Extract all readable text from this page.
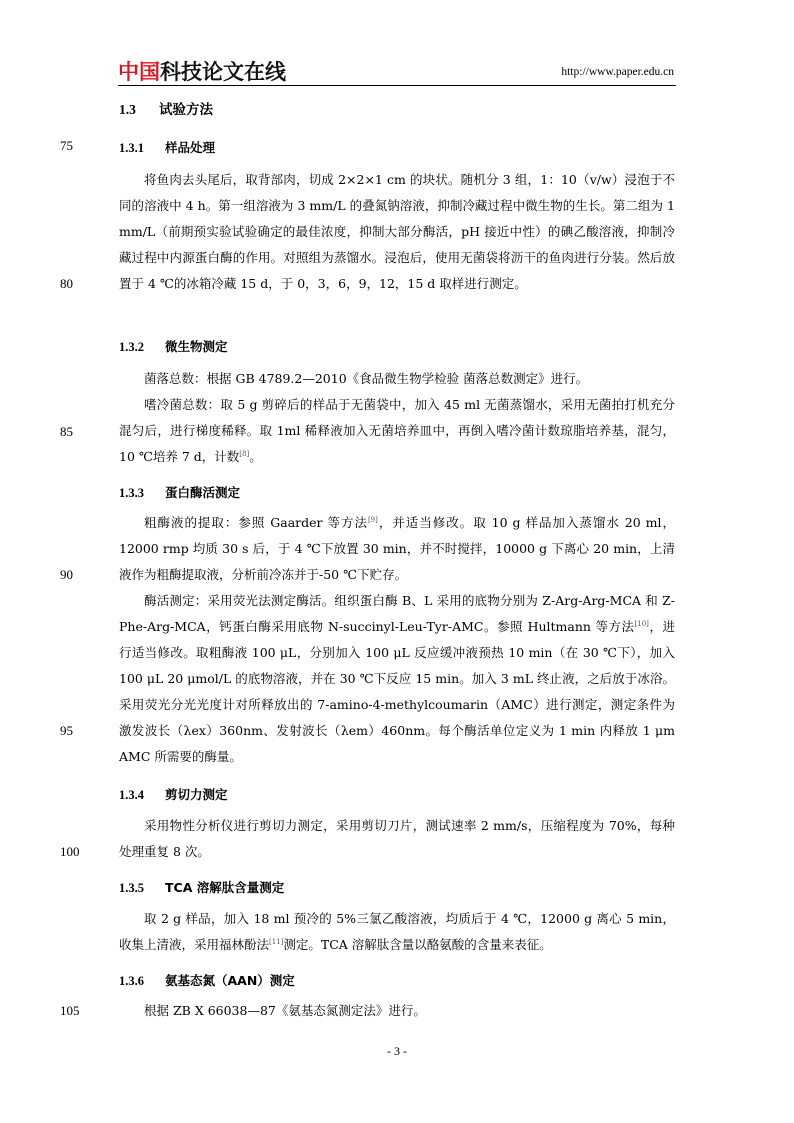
中国科技论文在线	http://www.paper.edu.cn
75
80
85
90
95
100
105
1.3 试验方法
1.3.1 样品处理

将鱼肉去头尾后，取背部肉，切成 2×2×1 cm 的块状。随机分 3 组，1：10（v/w）浸泡于不同的溶液中 4 h。第一组溶液为 3 mm/L 的叠氮钠溶液，抑制冷藏过程中微生物的生长。第二组为 1 mm/L（前期预实验试验确定的最佳浓度，抑制大部分酶活，pH 接近中性）的碘乙酸溶液，抑制冷藏过程中内源蛋白酶的作用。对照组为蒸馏水。浸泡后，使用无菌袋将沥干的鱼肉进行分装。然后放置于 4 ℃的冰箱冷藏 15 d，于 0，3，6，9，12，15 d 取样进行测定。

1.3.2 微生物测定

菌落总数：根据 GB 4789.2—2010《食品微生物学检验 菌落总数测定》进行。

嗜冷菌总数：取 5 g 剪碎后的样品于无菌袋中，加入 45 ml 无菌蒸馏水，采用无菌拍打机充分混匀后，进行梯度稀释。取 1ml 稀释液加入无菌培养皿中，再倒入嗜冷菌计数琼脂培养基，混匀，10 ℃培养 7 d，计数[8]。

1.3.3 蛋白酶活测定

粗酶液的提取：参照 Gaarder 等方法[9]，并适当修改。取 10 g 样品加入蒸馏水 20 ml，12000 rmp 均质 30 s 后，于 4 ℃下放置 30 min，并不时搅拌，10000 g 下离心 20 min，上清液作为粗酶提取液，分析前冷冻并于-50 ℃下贮存。

酶活测定：采用荧光法测定酶活。组织蛋白酶 B、L 采用的底物分别为 Z-Arg-Arg-MCA 和 Z-Phe-Arg-MCA，钙蛋白酶采用底物 N-succinyl-Leu-Tyr-AMC。参照 Hultmann 等方法[10]，进行适当修改。取粗酶液 100 μL，分别加入 100 μL 反应缓冲液预热 10 min（在 30 ℃下），加入 100 μL 20 μmol/L 的底物溶液，并在 30 ℃下反应 15 min。加入 3 mL 终止液，之后放于冰浴。采用荧光分光光度计对所释放出的 7-amino-4-methylcoumarin（AMC）进行测定，测定条件为激发波长（λex）360nm、发射波长（λem）460nm。每个酶活单位定义为 1 min 内释放 1 μm AMC 所需要的酶量。

1.3.4 剪切力测定

采用物性分析仪进行剪切力测定，采用剪切刀片，测试速率 2 mm/s，压缩程度为 70%，每种处理重复 8 次。

1.3.5 TCA 溶解肽含量测定

取 2 g 样品，加入 18 ml 预冷的 5%三氯乙酸溶液，均质后于 4 ℃，12000 g 离心 5 min，收集上清液，采用福林酚法[11]测定。TCA 溶解肽含量以酪氨酸的含量来表征。

1.3.6 氨基态氮（AAN）测定

根据 ZB X 66038—87《氨基态氮测定法》进行。

- 3 -
